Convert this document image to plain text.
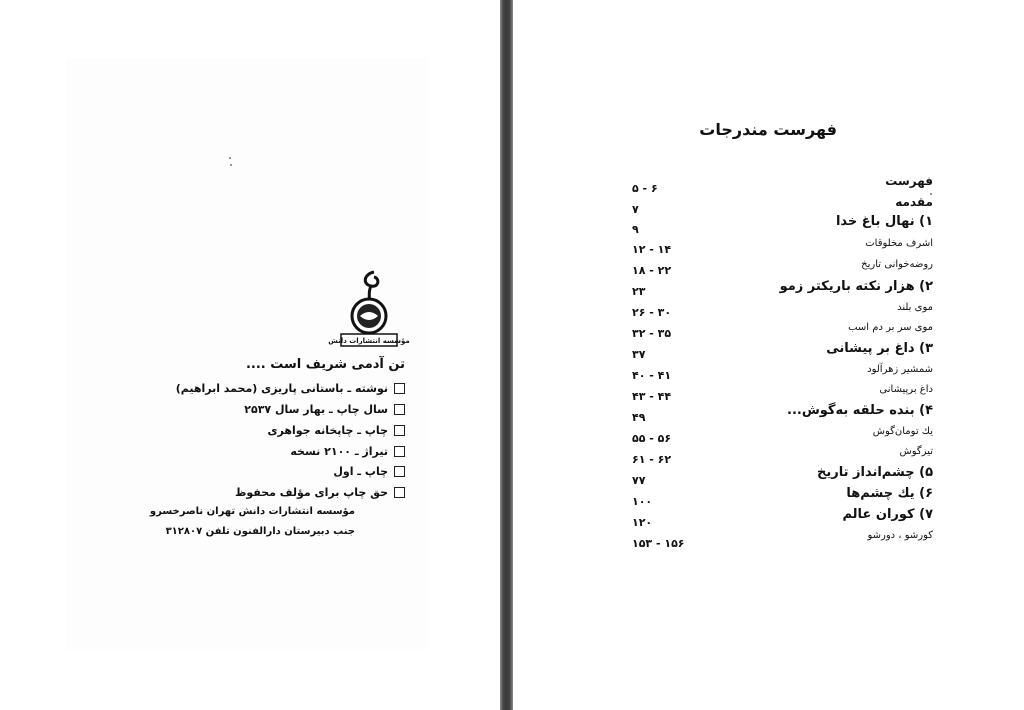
مؤسسه انتشارات دانش
تن آدمی شریف است ....
نوشته ـ باستانی پاریزی (محمد ابراهیم)
سال چاپ ـ بهار سال ۲۵۳۷
چاپ ـ چاپخانه جواهری
تیراژ ـ ۲۱۰۰ نسخه
چاپ ـ اول
حق چاپ برای مؤلف محفوظ
مؤسسه انتشارات دانش تهران ناصرخسرو
جنب دبیرستان دارالفنون تلفن ۳۱۲۸۰۷
فهرست مندرجات
فهرست
۵ - ۶
مقدمه
۷
۱) نهال باغ خدا
۹
اشرف مخلوقات
۱۲ - ۱۴
روضه‌خوانی تاریخ
۱۸ - ۲۲
۲) هزار نکته باریکتر زمو
۲۳
موی بلند
۲۶ - ۳۰
موی سر بر دم اسب
۳۲ - ۳۵
۳) داغ بر پیشانی
۳۷
شمشیر زهرآلود
۴۰ - ۴۱
داغ برپیشانی
۴۳ - ۴۴
۴) بنده حلقه به‌گوش...
۴۹
یك تومان‌گوش
۵۵ - ۵۶
تیزگوش
۶۱ - ۶۲
۵) چشم‌انداز تاریخ
۷۷
۶) یك چشم‌ها
۱۰۰
۷) کوران عالم
۱۲۰
کورشو ، دورشو
۱۵۳ - ۱۵۶
